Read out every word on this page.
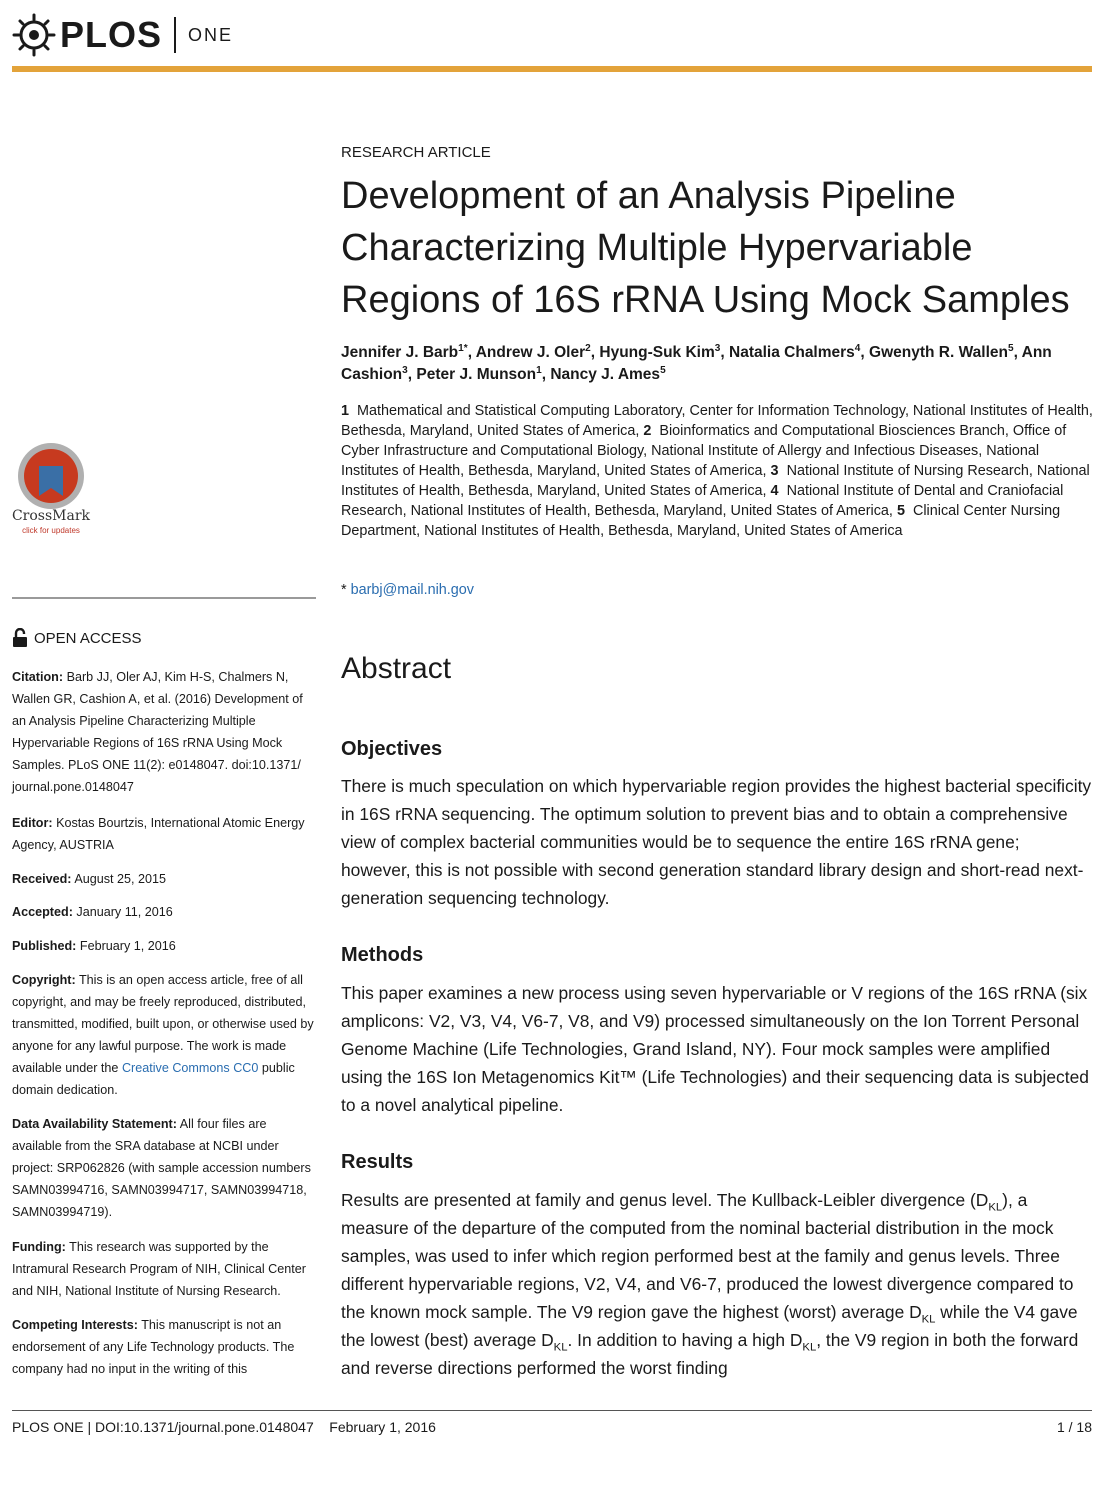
PLOS ONE
CrossMark
click for updates
OPEN ACCESS
Citation: Barb JJ, Oler AJ, Kim H-S, Chalmers N, Wallen GR, Cashion A, et al. (2016) Development of an Analysis Pipeline Characterizing Multiple Hypervariable Regions of 16S rRNA Using Mock Samples. PLoS ONE 11(2): e0148047. doi:10.1371/ journal.pone.0148047
Editor: Kostas Bourtzis, International Atomic Energy Agency, AUSTRIA
Received: August 25, 2015
Accepted: January 11, 2016
Published: February 1, 2016
Copyright: This is an open access article, free of all copyright, and may be freely reproduced, distributed, transmitted, modified, built upon, or otherwise used by anyone for any lawful purpose. The work is made available under the Creative Commons CC0 public domain dedication.
Data Availability Statement: All four files are available from the SRA database at NCBI under project: SRP062826 (with sample accession numbers SAMN03994716, SAMN03994717, SAMN03994718, SAMN03994719).
Funding: This research was supported by the Intramural Research Program of NIH, Clinical Center and NIH, National Institute of Nursing Research.
Competing Interests: This manuscript is not an endorsement of any Life Technology products. The company had no input in the writing of this
RESEARCH ARTICLE
Development of an Analysis Pipeline Characterizing Multiple Hypervariable Regions of 16S rRNA Using Mock Samples
Jennifer J. Barb$^{1*}$, Andrew J. Oler$^2$, Hyung-Suk Kim$^3$, Natalia Chalmers$^4$, Gwenyth R. Wallen$^5$, Ann Cashion$^3$, Peter J. Munson$^1$, Nancy J. Ames$^5$
1 Mathematical and Statistical Computing Laboratory, Center for Information Technology, National Institutes of Health, Bethesda, Maryland, United States of America, 2 Bioinformatics and Computational Biosciences Branch, Office of Cyber Infrastructure and Computational Biology, National Institute of Allergy and Infectious Diseases, National Institutes of Health, Bethesda, Maryland, United States of America, 3 National Institute of Nursing Research, National Institutes of Health, Bethesda, Maryland, United States of America, 4 National Institute of Dental and Craniofacial Research, National Institutes of Health, Bethesda, Maryland, United States of America, 5 Clinical Center Nursing Department, National Institutes of Health, Bethesda, Maryland, United States of America
* barbj@mail.nih.gov
Abstract
Objectives
There is much speculation on which hypervariable region provides the highest bacterial specificity in 16S rRNA sequencing. The optimum solution to prevent bias and to obtain a comprehensive view of complex bacterial communities would be to sequence the entire 16S rRNA gene; however, this is not possible with second generation standard library design and short-read next-generation sequencing technology.
Methods
This paper examines a new process using seven hypervariable or V regions of the 16S rRNA (six amplicons: V2, V3, V4, V6-7, V8, and V9) processed simultaneously on the Ion Torrent Personal Genome Machine (Life Technologies, Grand Island, NY). Four mock samples were amplified using the 16S Ion Metagenomics Kit™ (Life Technologies) and their sequencing data is subjected to a novel analytical pipeline.
Results
Results are presented at family and genus level. The Kullback-Leibler divergence $(D_{KL})$, a measure of the departure of the computed from the nominal bacterial distribution in the mock samples, was used to infer which region performed best at the family and genus levels. Three different hypervariable regions, V2, V4, and V6-7, produced the lowest divergence compared to the known mock sample. The V9 region gave the highest (worst) average $D_{KL}$ while the V4 gave the lowest (best) average $D_{KL}$. In addition to having a high $D_{KL}$, the V9 region in both the forward and reverse directions performed the worst finding
PLOS ONE | DOI:10.1371/journal.pone.0148047    February 1, 2016	1 / 18
